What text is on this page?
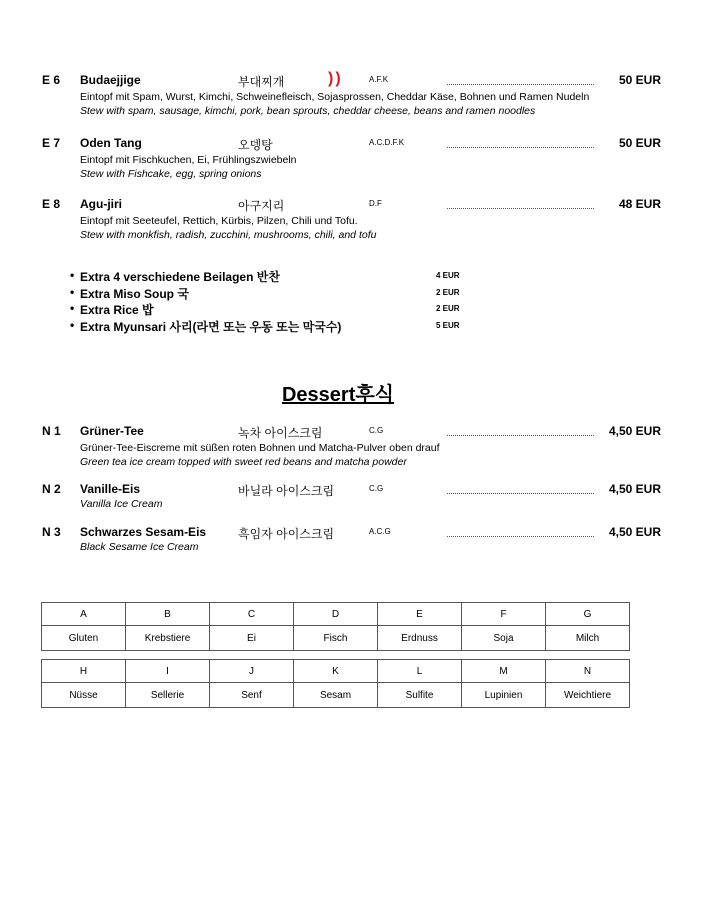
E 6 Budaejjige	부대찌개	))	A.F.K	50 EUR
Eintopf mit Spam, Wurst, Kimchi, Schweinefleisch, Sojasprossen, Cheddar Käse, Bohnen und Ramen Nudeln
Stew with spam, sausage, kimchi, pork, bean sprouts, cheddar cheese, beans and ramen noodles
E 7 Oden Tang	오뎅탕	A.C.D.F.K	50 EUR
Eintopf mit Fischkuchen, Ei, Frühlingszwiebeln
Stew with Fishcake, egg, spring onions
E 8 Agu-jiri	아구지리	D.F	48 EUR
Eintopf mit Seeteufel, Rettich, Kürbis, Pilzen, Chili und Tofu.
Stew with monkfish, radish, zucchini, mushrooms, chili, and tofu
• Extra 4 verschiedene Beilagen 반찬	4 EUR
• Extra Miso Soup 국	2 EUR
• Extra Rice 밥	2 EUR
• Extra Myunsari 사리(라면 또는 우동 또는 막국수)	5 EUR
Dessert후식
N 1 Grüner-Tee	녹차 아이스크림	C.G	4,50 EUR
Grüner-Tee-Eiscreme mit süßen roten Bohnen und Matcha-Pulver oben drauf
Green tea ice cream topped with sweet red beans and matcha powder
N 2 Vanille-Eis	바닐라 아이스크림	C.G	4,50 EUR
Vanilla Ice Cream
N 3 Schwarzes Sesam-Eis	흑임자 아이스크림	A.C.G	4,50 EUR
Black Sesame Ice Cream
A	B	C	D	E	F	G
Gluten	Krebstiere	Ei	Fisch	Erdnuss	Soja	Milch
H	I	J	K	L	M	N
Nüsse	Sellerie	Senf	Sesam	Sulfite	Lupinien	Weichtiere
